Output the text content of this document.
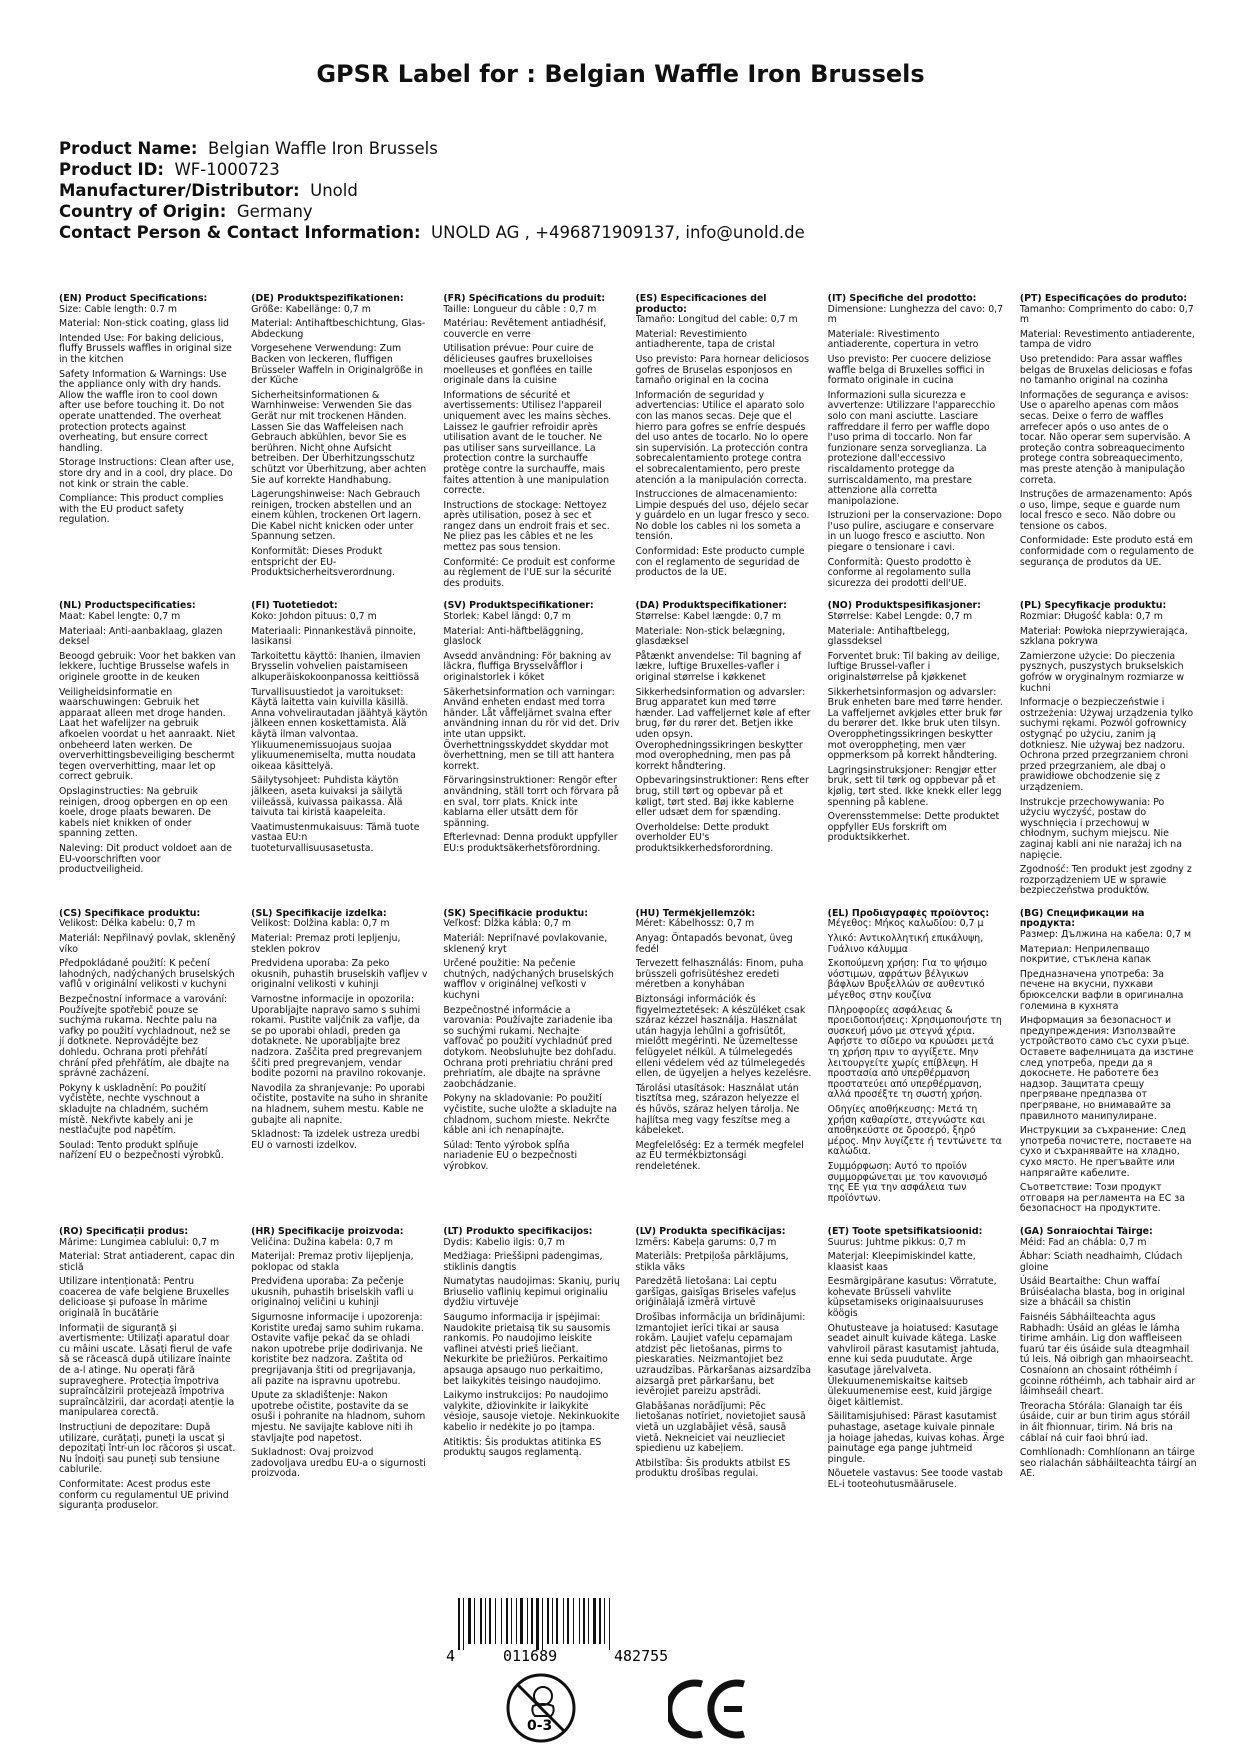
GPSR Label for : Belgian Waffle Iron Brussels
Product Name: Belgian Waffle Iron Brussels
Product ID: WF-1000723
Manufacturer/Distributor: Unold
Country of Origin: Germany
Contact Person & Contact Information: UNOLD AG , +496871909137, info@unold.de
(EN) Product Specifications:

Size: Cable length: 0.7 m

Material: Non-stick coating, glass lid

Intended Use: For baking delicious, fluffy Brussels waffles in original size in the kitchen

Safety Information & Warnings: Use the appliance only with dry hands. Allow the waffle iron to cool down after use before touching it. Do not operate unattended. The overheat protection protects against overheating, but ensure correct handling.

Storage Instructions: Clean after use, store dry and in a cool, dry place. Do not kink or strain the cable.

Compliance: This product complies with the EU product safety regulation.

(DE) Produktspezifikationen:

Größe: Kabellänge: 0,7 m

Material: Antihaftbeschichtung, Glas-Abdeckung

Vorgesehene Verwendung: Zum Backen von leckeren, fluffigen Brüsseler Waffeln in Originalgröße in der Küche

Sicherheitsinformationen & Warnhinweise: Verwenden Sie das Gerät nur mit trockenen Händen. Lassen Sie das Waffeleisen nach Gebrauch abkühlen, bevor Sie es berühren. Nicht ohne Aufsicht betreiben. Der Überhitzungsschutz schützt vor Überhitzung, aber achten Sie auf korrekte Handhabung.

Lagerungshinweise: Nach Gebrauch reinigen, trocken abstellen und an einem kühlen, trockenen Ort lagern. Die Kabel nicht knicken oder unter Spannung setzen.

Konformität: Dieses Produkt entspricht der EU-Produktsicherheitsverordnung.

(FR) Spécifications du produit:

Taille: Longueur du câble : 0,7 m

Matériau: Revêtement antiadhésif, couvercle en verre

Utilisation prévue: Pour cuire de délicieuses gaufres bruxelloises moelleuses et gonflées en taille originale dans la cuisine

Informations de sécurité et avertissements: Utilisez l'appareil uniquement avec les mains sèches. Laissez le gaufrier refroidir après utilisation avant de le toucher. Ne pas utiliser sans surveillance. La protection contre la surchauffe protège contre la surchauffe, mais faites attention à une manipulation correcte.

Instructions de stockage: Nettoyez après utilisation, posez à sec et rangez dans un endroit frais et sec. Ne pliez pas les câbles et ne les mettez pas sous tension.

Conformité: Ce produit est conforme au règlement de l'UE sur la sécurité des produits.

(ES) Especificaciones del producto:

Tamaño: Longitud del cable: 0,7 m

Material: Revestimiento antiadherente, tapa de cristal

Uso previsto: Para hornear deliciosos gofres de Bruselas esponjosos en tamaño original en la cocina

Información de seguridad y advertencias: Utilice el aparato solo con las manos secas. Deje que el hierro para gofres se enfríe después del uso antes de tocarlo. No lo opere sin supervisión. La protección contra sobrecalentamiento protege contra el sobrecalentamiento, pero preste atención a la manipulación correcta.

Instrucciones de almacenamiento: Limpie después del uso, déjelo secar y guárdelo en un lugar fresco y seco. No doble los cables ni los someta a tensión.

Conformidad: Este producto cumple con el reglamento de seguridad de productos de la UE.

(IT) Specifiche del prodotto:

Dimensione: Lunghezza del cavo: 0,7 m

Materiale: Rivestimento antiaderente, copertura in vetro

Uso previsto: Per cuocere deliziose waffle belga di Bruxelles soffici in formato originale in cucina

Informazioni sulla sicurezza e avvertenze: Utilizzare l'apparecchio solo con mani asciutte. Lasciare raffreddare il ferro per waffle dopo l'uso prima di toccarlo. Non far funzionare senza sorveglianza. La protezione dall'eccessivo riscaldamento protegge da surriscaldamento, ma prestare attenzione alla corretta manipolazione.

Istruzioni per la conservazione: Dopo l'uso pulire, asciugare e conservare in un luogo fresco e asciutto. Non piegare o tensionare i cavi.

Conformità: Questo prodotto è conforme al regolamento sulla sicurezza dei prodotti dell'UE.

(PT) Especificações do produto:

Tamanho: Comprimento do cabo: 0,7 m

Material: Revestimento antiaderente, tampa de vidro

Uso pretendido: Para assar waffles belgas de Bruxelas deliciosas e fofas no tamanho original na cozinha

Informações de segurança e avisos: Use o aparelho apenas com mãos secas. Deixe o ferro de waffles arrefecer após o uso antes de o tocar. Não operar sem supervisão. A proteção contra sobreaquecimento protege contra sobreaquecimento, mas preste atenção à manipulação correta.

Instruções de armazenamento: Após o uso, limpe, seque e guarde num local fresco e seco. Não dobre ou tensione os cabos.

Conformidade: Este produto está em conformidade com o regulamento de segurança de produtos da UE.

(NL) Productspecificaties:

Maat: Kabel lengte: 0,7 m

Materiaal: Anti-aanbaklaag, glazen deksel

Beoogd gebruik: Voor het bakken van lekkere, luchtige Brusselse wafels in originele grootte in de keuken

Veiligheidsinformatie en waarschuwingen: Gebruik het apparaat alleen met droge handen. Laat het wafelijzer na gebruik afkoelen voordat u het aanraakt. Niet onbeheerd laten werken. De oververhittingsbeveiliging beschermt tegen oververhitting, maar let op correct gebruik.

Opslaginstructies: Na gebruik reinigen, droog opbergen en op een koele, droge plaats bewaren. De kabels niet knikken of onder spanning zetten.

Naleving: Dit product voldoet aan de EU-voorschriften voor productveiligheid.

(FI) Tuotetiedot:

Koko: Johdon pituus: 0,7 m

Materiaali: Pinnankestävä pinnoite, lasikansi

Tarkoitettu käyttö: Ihanien, ilmavien Brysselin vohvelien paistamiseen alkuperäiskokoonpanossa keittiössä

Turvallisuustiedot ja varoitukset: Käytä laitetta vain kuivilla käsillä. Anna vohvelirautadan jäähtyä käytön jälkeen ennen koskettamista. Älä käytä ilman valvontaa. Ylikuumenemissuojaus suojaa ylikuumenemiselta, mutta noudata oikeaa käsittelyä.

Säilytysohjeet: Puhdista käytön jälkeen, aseta kuivaksi ja säilytä viileässä, kuivassa paikassa. Älä taivuta tai kiristä kaapeleita.

Vaatimustenmukaisuus: Tämä tuote vastaa EU:n tuoteturvallisuusasetusta.

(SV) Produktspecifikationer:

Storlek: Kabel längd: 0,7 m

Material: Anti-häftbeläggning, glaslock

Avsedd användning: För bakning av läckra, fluffiga Brysselvåfflor i originalstorlek i köket

Säkerhetsinformation och varningar: Använd enheten endast med torra händer. Låt våffeljärnet svalna efter användning innan du rör vid det. Driv inte utan uppsikt. Överhettningsskyddet skyddar mot överhettning, men se till att hantera korrekt.

Förvaringsinstruktioner: Rengör efter användning, ställ torrt och förvara på en sval, torr plats. Knick inte kablarna eller utsätt dem för spänning.

Efterlevnad: Denna produkt uppfyller EU:s produktsäkerhetsförordning.

(DA) Produktspecifikationer:

Størrelse: Kabel længde: 0,7 m

Materiale: Non-stick belægning, glasdæksel

Påtænkt anvendelse: Til bagning af lækre, luftige Bruxelles-vafler i original størrelse i køkkenet

Sikkerhedsinformation og advarsler: Brug apparatet kun med tørre hænder. Lad vaffeljernet køle af efter brug, før du rører det. Betjen ikke uden opsyn. Overophedningssikringen beskytter mod overophedning, men pas på korrekt håndtering.

Opbevaringsinstruktioner: Rens efter brug, still tørt og opbevar på et køligt, tørt sted. Bøj ikke kablerne eller udsæt dem for spænding.

Overholdelse: Dette produkt overholder EU's produktsikkerhedsforordning.

(NO) Produktspesifikasjoner:

Størrelse: Kabel Lengde: 0,7 m

Materiale: Antihaftbelegg, glassdeksel

Forventet bruk: Til baking av deilige, luftige Brussel-vafler i originalstørrelse på kjøkkenet

Sikkerhetsinformasjon og advarsler: Bruk enheten bare med tørre hender. La vaffeljernet avkjøles etter bruk før du berører det. Ikke bruk uten tilsyn. Overopphetingssikringen beskytter mot overoppheting, men vær oppmerksom på korrekt håndtering.

Lagringsinstruksjoner: Rengjør etter bruk, sett til tørk og oppbevar på et kjølig, tørt sted. Ikke knekk eller legg spenning på kablene.

Overensstemmelse: Dette produktet oppfyller EUs forskrift om produktsikkerhet.

(PL) Specyfikacje produktu:

Rozmiar: Długość kabla: 0,7 m

Materiał: Powłoka nieprzywierająca, szklana pokrywa

Zamierzone użycie: Do pieczenia pysznych, puszystych brukselskich gofrów w oryginalnym rozmiarze w kuchni

Informacje o bezpieczeństwie i ostrzeżenia: Używaj urządzenia tylko suchymi rękami. Pozwól gofrownicy ostygnąć po użyciu, zanim ją dotkniesz. Nie używaj bez nadzoru. Ochrona przed przegrzaniem chroni przed przegrzaniem, ale dbaj o prawidłowe obchodzenie się z urządzeniem.

Instrukcje przechowywania: Po użyciu wyczyść, postaw do wyschnięcia i przechowuj w chłodnym, suchym miejscu. Nie zaginaj kabli ani nie narażaj ich na napięcie.

Zgodność: Ten produkt jest zgodny z rozporządzeniem UE w sprawie bezpieczeństwa produktów.

(CS) Specifikace produktu:

Velikost: Délka kabelu: 0,7 m

Materiál: Nepřilnavý povlak, skleněný víko

Předpokládané použití: K pečení lahodných, nadýchaných bruselských vaflů v originální velikosti v kuchyni

Bezpečnostní informace a varování: Používejte spotřebič pouze se suchýma rukama. Nechte palu na vafky po použití vychladnout, než se jí dotknete. Neprovádějte bez dohledu. Ochrana proti přehřátí chrání před přehřátím, ale dbajte na správné zacházení.

Pokyny k uskladnění: Po použití vyčistěte, nechte vyschnout a skladujte na chladném, suchém místě. Nekřivte kabely ani je nestlačujte pod napětím.

Soulad: Tento produkt splňuje nařízení EU o bezpečnosti výrobků.

(SL) Specifikacije izdelka:

Velikost: Dolžina kabla: 0,7 m

Material: Premaz proti lepljenju, steklen pokrov

Predvidena uporaba: Za peko okusnih, puhastih bruselskih vafljev v originalni velikosti v kuhinji

Varnostne informacije in opozorila: Uporabljajte napravo samo s suhimi rokami. Pustite valjčnik za vaflje, da se po uporabi ohladi, preden ga dotaknete. Ne uporabljajte brez nadzora. Zaščita pred pregrevanjem ščiti pred pregrevanjem, vendar bodite pozorni na pravilno rokovanje.

Navodila za shranjevanje: Po uporabi očistite, postavite na suho in shranite na hladnem, suhem mestu. Kable ne gubajte ali napnite.

Skladnost: Ta izdelek ustreza uredbi EU o varnosti izdelkov.

(SK) Špecifikácie produktu:

Veľkosť: Dĺžka kábla: 0,7 m

Materiál: Nepriľnavé povlakovanie, sklenený kryt

Určené použitie: Na pečenie chutných, nadýchaných bruselských wafflov v originálnej veľkosti v kuchyni

Bezpečnostné informácie a varovania: Používajte zariadenie iba so suchými rukami. Nechajte vafľovač po použití vychladnúť pred dotykom. Neobsluhujte bez dohľadu. Ochrana proti prehriatiu chráni pred prehriatím, ale dbajte na správne zaobchádzanie.

Pokyny na skladovanie: Po použití vyčistite, suche uložte a skladujte na chladnom, suchom mieste. Nekrčte káble ani ich nenapínajte.

Súlad: Tento výrobok spĺňa nariadenie EÚ o bezpečnosti výrobkov.

(HU) Termékjellemzők:

Méret: Kábelhossz: 0,7 m

Anyag: Öntapadós bevonat, üveg fedél

Tervezett felhasználás: Finom, puha brüsszeli gofrisütéshez eredeti méretben a konyhában

Biztonsági információk és figyelmeztetések: A készüléket csak száraz kézzel használja. Használat után hagyja lehűlni a gofrisütőt, mielőtt megérinti. Ne üzemeltesse felügyelet nélkül. A túlmelegedés elleni védelem véd az túlmelegedés ellen, de ügyeljen a helyes kezelésre.

Tárolási utasítások: Használat után tisztítsa meg, szárazon helyezze el és hűvös, száraz helyen tárolja. Ne hajlítsa meg vagy feszítse meg a kábeleket.

Megfelelőség: Ez a termék megfelel az EU termékbiztonsági rendeletének.

(EL) Προδιαγραφές προϊόντος:

Μέγεθος: Μήκος καλωδίου: 0,7 μ

Υλικό: Αντικολλητική επικάλυψη, Γυάλινο κάλυμμα

Σκοπούμενη χρήση: Για το ψήσιμο νόστιμων, αφράτων βέλγικων βάφλων Βρυξελλών σε αυθεντικό μέγεθος στην κουζίνα

Πληροφορίες ασφάλειας & προειδοποιήσεις: Χρησιμοποιήστε τη συσκευή μόνο με στεγνά χέρια. Αφήστε το σίδερο να κρυώσει μετά τη χρήση πριν το αγγίξετε. Μην λειτουργείτε χωρίς επίβλεψη. Η προστασία από υπερθέρμανση προστατεύει από υπερθέρμανση, αλλά προσέξτε τη σωστή χρήση.

Οδηγίες αποθήκευσης: Μετά τη χρήση καθαρίστε, στεγνώστε και αποθηκεύστε σε δροσερό, ξηρό μέρος. Μην λυγίζετε ή τεντώνετε τα καλώδια.

Συμμόρφωση: Αυτό το προϊόν συμμορφώνεται με τον κανονισμό της ΕΕ για την ασφάλεια των προϊόντων.

(BG) Спецификации на продукта:

Размер: Дължина на кабела: 0,7 м

Материал: Неприлепващо покритие, стъклена капак

Предназначена употреба: За печене на вкусни, пухкави брюкселски вафли в оригинална големина в кухнята

Информация за безопасност и предупреждения: Използвайте устройството само със сухи ръце. Оставете вафелницата да изстине след употреба, преди да я докоснете. Не работете без надзор. Защитата срещу прегряване предпазва от прегряване, но внимавайте за правилното манипулиране.

Инструкции за съхранение: След употреба почистете, поставете на сухо и съхранявайте на хладно, сухо място. Не прегъвайте или напрягайте кабелите.

Съответствие: Този продукт отговаря на регламента на ЕС за безопасност на продуктите.

(RO) Specificații produs:

Mărime: Lungimea cablului: 0,7 m

Material: Strat antiaderent, capac din sticlă

Utilizare intenționată: Pentru coacerea de vafe belgiene Bruxelles delicioase și pufoase în mărime originală în bucătărie

Informații de siguranță și avertismente: Utilizați aparatul doar cu mâini uscate. Lăsați fierul de vafe să se răcească după utilizare înainte de a-l atinge. Nu operați fără supraveghere. Protecția împotriva supraîncălzirii protejează împotriva supraîncălzirii, dar acordați atenție la manipularea corectă.

Instrucțiuni de depozitare: După utilizare, curățați, puneți la uscat și depozitați într-un loc răcoros și uscat. Nu îndoiți sau puneți sub tensiune cablurile.

Conformitate: Acest produs este conform cu regulamentul UE privind siguranța produselor.

(HR) Specifikacije proizvoda:

Veličina: Dužina kabela: 0,7 m

Materijal: Premaz protiv lijepljenja, poklopac od stakla

Predviđena uporaba: Za pečenje ukusnih, puhastih briselskih vafli u originalnoj veličini u kuhinji

Sigurnosne informacije i upozorenja: Koristite uređaj samo suhim rukama. Ostavite vafije pekač da se ohladi nakon upotrebe prije dodirivanja. Ne koristite bez nadzora. Zaštita od pregrijavanja štiti od pregrijavanja, ali pazite na ispravnu upotrebu.

Upute za skladištenje: Nakon upotrebe očistite, postavite da se osuši i pohranite na hladnom, suhom mjestu. Ne savijajte kablove niti ih stavljajte pod napetost.

Sukladnost: Ovaj proizvod zadovoljava uredbu EU-a o sigurnosti proizvoda.

(LT) Produkto specifikacijos:

Dydis: Kabelio ilgis: 0,7 m

Medžiaga: Prieššipni padengimas, stiklinis dangtis

Numatytas naudojimas: Skanių, purių Briuselio vaflinių kepimui originaliu dydžiu virtuvėje

Saugumo informacija ir įspėjimai: Naudokite prietaisą tik su sausomis rankomis. Po naudojimo leiskite vaflinei atvėsti prieš liečiant. Nekurkite be priežiūros. Perkaitimo apsauga apsaugo nuo perkaitimo, bet laikykitės teisingo naudojimo.

Laikymo instrukcijos: Po naudojimo valykite, džiovinkite ir laikykite vėsioje, sausoje vietoje. Nekinkuokite kabelio ir nedėkite jo po įtampa.

Atitiktis: Šis produktas atitinka ES produktų saugos reglamentą.

(LV) Produkta specifikācijas:

Izmērs: Kabeļa garums: 0,7 m

Materiāls: Pretpiļoša pārklājums, stikla vāks

Paredzētā lietošana: Lai ceptu garšīgas, gaisīgas Briseles vafeļus oriģinālajā izmērā virtuvē

Drošības informācija un brīdinājumi: Izmantojiet ierīci tikai ar sausa rokām. Ļaujiet vafeļu cepamajam atdzist pēc lietošanas, pirms to pieskaraties. Neizmantojiet bez uzraudzības. Pārkaršanas aizsardzība aizsargā pret pārkaršanu, bet ievērojiet pareizu apstrādi.

Glabāšanas norādījumi: Pēc lietošanas notīriet, novietojiet sausā vietā un uzglabājiet vēsā, sausā vietā. Nekneiciet vai neuzlieciet spiedienu uz kabeļiem.

Atbilstība: Šis produkts atbilst ES produktu drošības regulai.

(ET) Toote spetsifikatsioonid:

Suurus: Juhtme pikkus: 0,7 m

Materjal: Kleepimiskindel katte, klaasist kaas

Eesmärgipärane kasutus: Võrratute, kohevate Brüsseli vahvlite küpsetamiseks originaalsuuruses köögis

Ohutusteave ja hoiatused: Kasutage seadet ainult kuivade kätega. Laske vahvliroil pärast kasutamist jahtuda, enne kui seda puudutate. Ärge kasutage järelvalveta. Ülekuumenemiskaitse kaitseb ülekuumenemise eest, kuid järgige õiget käitlemist.

Säilitamisjuhised: Pärast kasutamist puhastage, asetage kuivale pinnale ja hoiage jahedas, kuivas kohas. Ärge painutage ega pange juhtmeid pingule.

Nõuetele vastavus: See toode vastab EL-i tooteohutusmäärusele.

(GA) Sonraíochtaí Táirge:

Méid: Fad an chábla: 0,7 m

Ábhar: Sciath neadhaimh, Clúdach gloine

Úsáid Beartaithe: Chun waffaí Brúiséalacha blasta, bog in original size a bhácáil sa chistin

Faisnéis Sábháilteachta agus Rabhadh: Úsáid an gléas le lámha tirime amháin. Lig don waffleiseen fuarú tar éis úsáide sula dteagmhail tú leis. Ná oibrigh gan mhaoirseacht. Cosnaíonn an chosaint róthéimh í gcoinne róthéimh, ach tabhair aird ar láimhseáil cheart.

Treoracha Stórála: Glanaigh tar éis úsáide, cuir ar bun tirim agus stóráil in áit fhionnuar, tirim. Ná bris na cáblaí ná cuir faoi bhrú iad.

Comhlíonadh: Comhlíonann an táirge seo rialachán sábháilteachta táirgí an AE.

4	011689	482755
0-3
